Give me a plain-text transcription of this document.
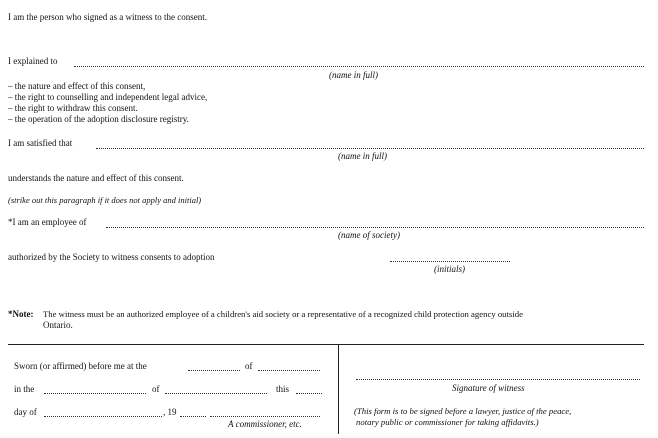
I am the person who signed as a witness to the consent.
I explained to
(name in full)
– the nature and effect of this consent,
– the right to counselling and independent legal advice,
– the right to withdraw this consent.
– the operation of the adoption disclosure registry.
I am satisfied that
(name in full)
understands the nature and effect of this consent.
(strike out this paragraph if it does not apply and initial)
*I am an employee of
(name of society)
authorized by the Society to witness consents to adoption
(initials)
*Note: The witness must be an authorized employee of a children's aid society or a representative of a recognized child protection agency outside
Ontario.
Sworn (or affirmed) before me at the	of
in the	of	this
day of	, 19
A commissioner, etc.
Signature of witness
(This form is to be signed before a lawyer, justice of the peace,
notary public or commissioner for taking affidavits.)
